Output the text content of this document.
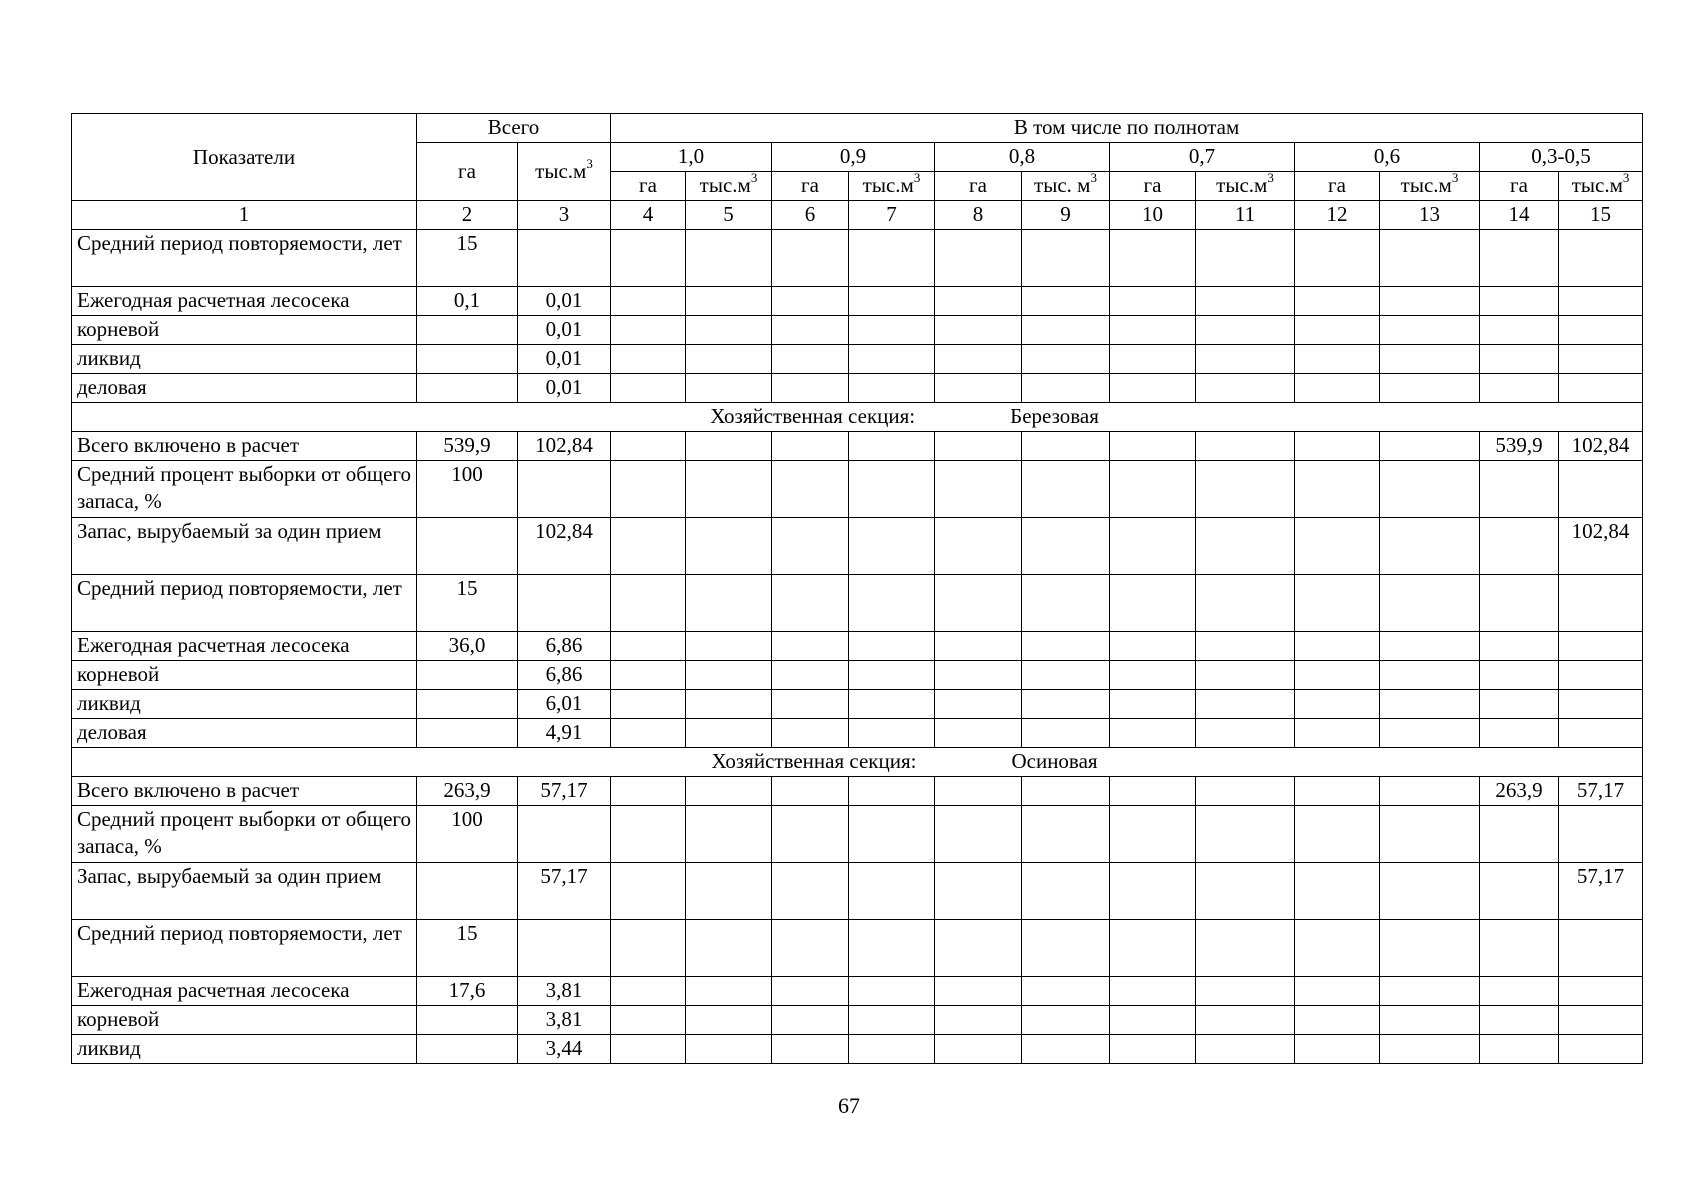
Показатели	Всего		В том числе по полнотам											
	га	$тыс.м^3$	1,0		0,9		0,8		0,7		0,6		0,3-0,5	
			га	$тыс.м^3$	га	$тыс.м^3$	га	тыс. $м^3$	га	$тыс.м^3$	га	$тыс.м^3$	га	$тыс.м^3$
1	2	3	4	5	6	7	8	9	10	11	12	13	14	15
Средний период повторяемости, лет	15													
Ежегодная расчетная лесосека	0,1	0,01												
корневой		0,01												
ликвид		0,01												
деловая		0,01												
Хозяйственная секция: Березовая														
Всего включено в расчет	539,9	102,84											539,9	102,84
Средний процент выборки от общего запаса, %	100													
Запас, вырубаемый за один прием		102,84												102,84
Средний период повторяемости, лет	15													
Ежегодная расчетная лесосека	36,0	6,86												
корневой		6,86												
ликвид		6,01												
деловая		4,91												
Хозяйственная секция: Осиновая														
Всего включено в расчет	263,9	57,17											263,9	57,17
Средний процент выборки от общего запаса, %	100													
Запас, вырубаемый за один прием		57,17												57,17
Средний период повторяемости, лет	15													
Ежегодная расчетная лесосека	17,6	3,81												
корневой		3,81												
ликвид		3,44												
67
